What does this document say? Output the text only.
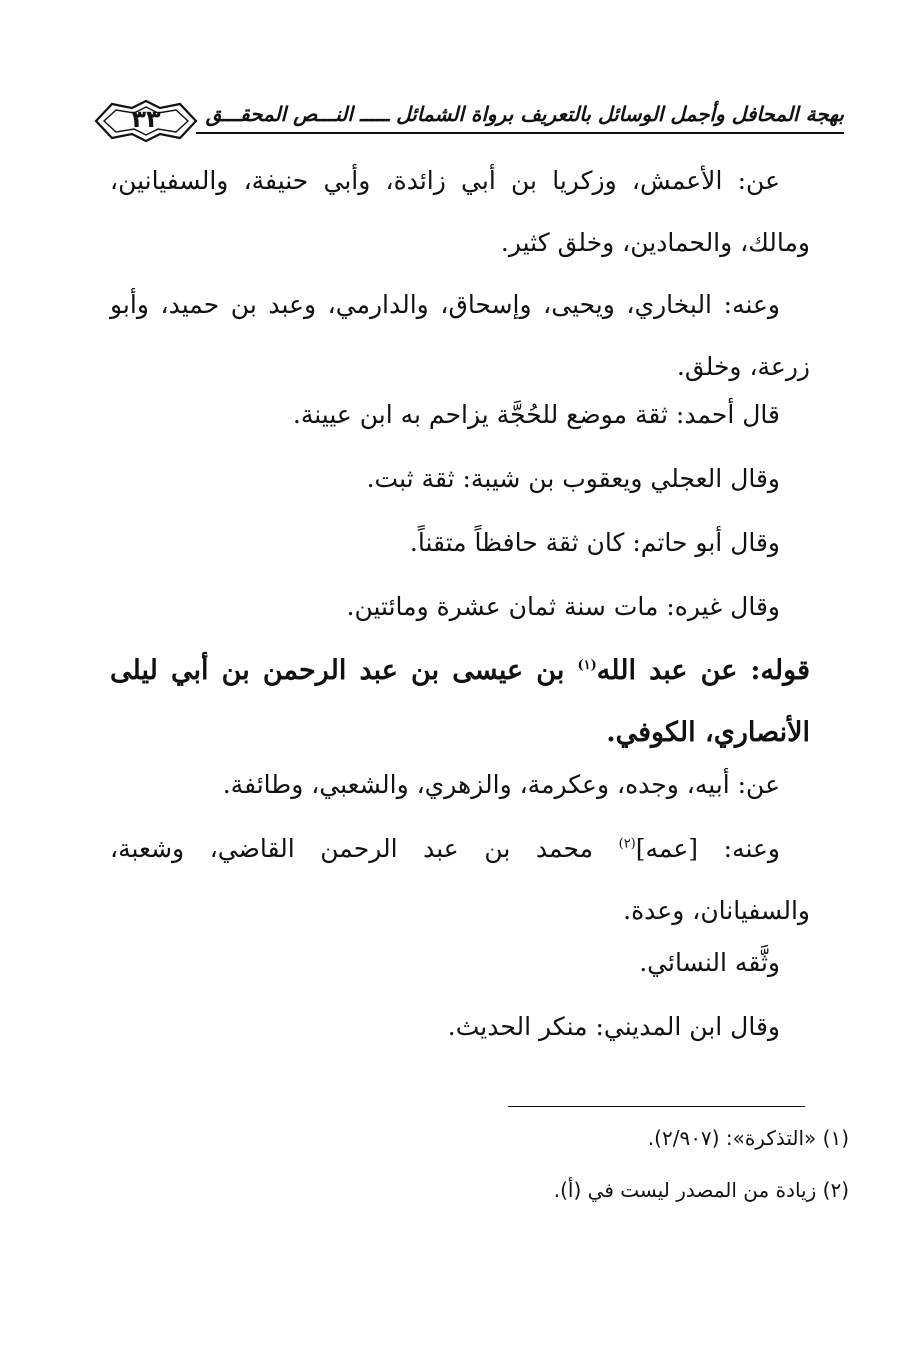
٣٣	بهجة المحافل وأجمل الوسائل بالتعريف برواة الشمائل ـــــ النـــص المحقـــق

عن: الأعمش، وزكريا بن أبي زائدة، وأبي حنيفة، والسفيانين، ومالك، والحمادين، وخلق كثير.

وعنه: البخاري، ويحيى، وإسحاق، والدارمي، وعبد بن حميد، وأبو زرعة، وخلق.

قال أحمد: ثقة موضع للحُجَّة يزاحم به ابن عيينة.

وقال العجلي ويعقوب بن شيبة: ثقة ثبت.

وقال أبو حاتم: كان ثقة حافظاً متقناً.

وقال غيره: مات سنة ثمان عشرة ومائتين.

قوله: عن عبد الله$^{(١)}$ بن عيسى بن عبد الرحمن بن أبي ليلى الأنصاري، الكوفي.

عن: أبيه، وجده، وعكرمة، والزهري، والشعبي، وطائفة.

وعنه: [عمه]$^{(٢)}$ محمد بن عبد الرحمن القاضي، وشعبة، والسفيانان، وعدة.

وثَّقه النسائي.

وقال ابن المديني: منكر الحديث.

(١) «التذكرة»: (٢/٩٠٧).

(٢) زيادة من المصدر ليست في (أ).
